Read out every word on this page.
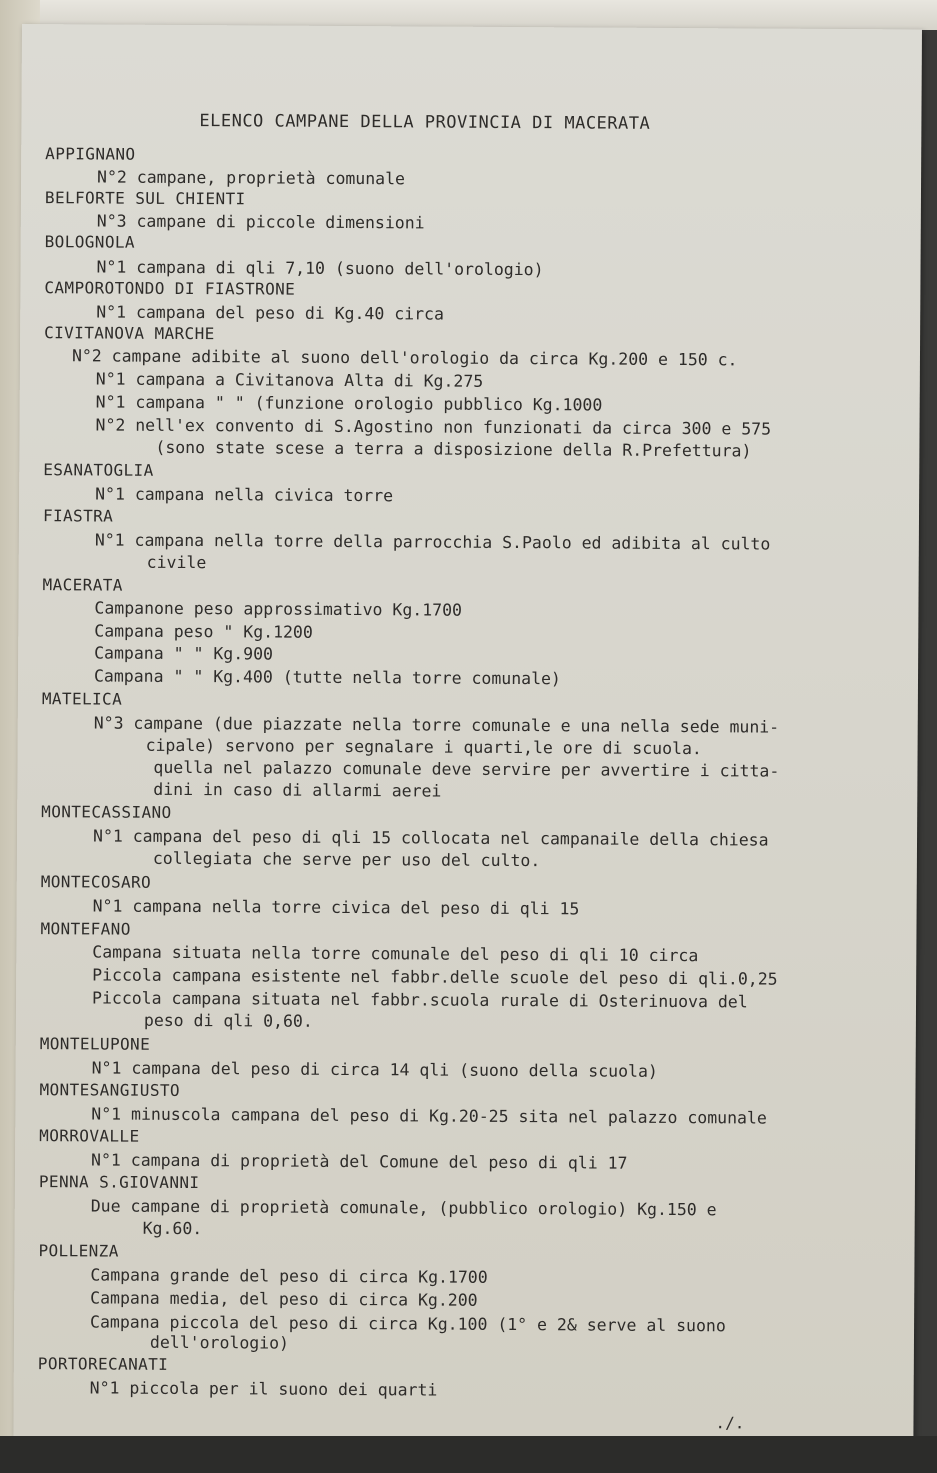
ELENCO CAMPANE DELLA PROVINCIA DI MACERATA
APPIGNANO
N°2 campane, proprietà comunale
BELFORTE SUL CHIENTI
N°3 campane di piccole dimensioni
BOLOGNOLA
N°1 campana di qli 7,10 (suono dell'orologio)
CAMPOROTONDO DI FIASTRONE
N°1 campana del peso di Kg.40 circa
CIVITANOVA MARCHE
N°2 campane adibite al suono dell'orologio da circa Kg.200 e 150 c.
N°1 campana a Civitanova Alta di Kg.275
N°1 campana " " (funzione orologio pubblico Kg.1000
N°2 nell'ex convento di S.Agostino non funzionati da circa 300 e 575
(sono state scese a terra a disposizione della R.Prefettura)
ESANATOGLIA
N°1 campana nella civica torre
FIASTRA
N°1 campana nella torre della parrocchia S.Paolo ed adibita al culto
civile
MACERATA
Campanone peso approssimativo Kg.1700
Campana peso " Kg.1200
Campana " " Kg.900
Campana " " Kg.400 (tutte nella torre comunale)
MATELICA
N°3 campane (due piazzate nella torre comunale e una nella sede muni-
cipale) servono per segnalare i quarti,le ore di scuola.
quella nel palazzo comunale deve servire per avvertire i citta-
dini in caso di allarmi aerei
MONTECASSIANO
N°1 campana del peso di qli 15 collocata nel campanaile della chiesa
collegiata che serve per uso del culto.
MONTECOSARO
N°1 campana nella torre civica del peso di qli 15
MONTEFANO
Campana situata nella torre comunale del peso di qli 10 circa
Piccola campana esistente nel fabbr.delle scuole del peso di qli.0,25
Piccola campana situata nel fabbr.scuola rurale di Osterinuova del
peso di qli 0,60.
MONTELUPONE
N°1 campana del peso di circa 14 qli (suono della scuola)
MONTESANGIUSTO
N°1 minuscola campana del peso di Kg.20-25 sita nel palazzo comunale
MORROVALLE
N°1 campana di proprietà del Comune del peso di qli 17
PENNA S.GIOVANNI
Due campane di proprietà comunale, (pubblico orologio) Kg.150 e
Kg.60.
POLLENZA
Campana grande del peso di circa Kg.1700
Campana media, del peso di circa Kg.200
Campana piccola del peso di circa Kg.100 (1° e 2& serve al suono
dell'orologio)
PORTORECANATI
N°1 piccola per il suono dei quarti
./.
